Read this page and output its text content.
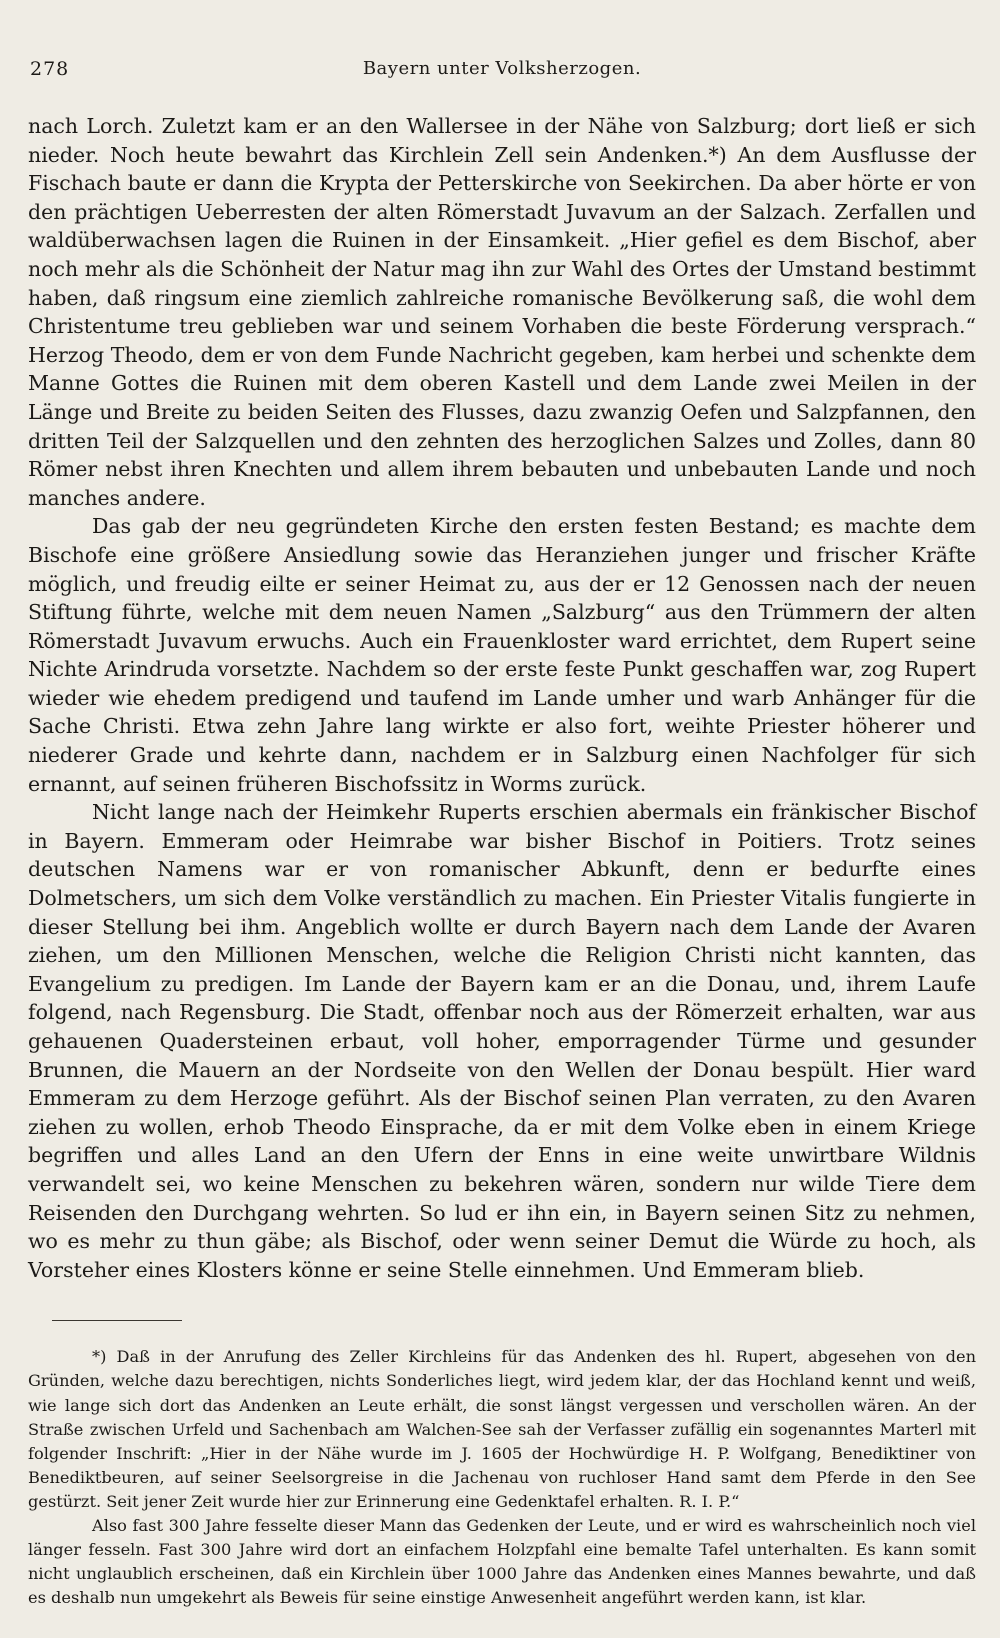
278	Bayern unter Volksherzogen.

nach Lorch. Zuletzt kam er an den Wallersee in der Nähe von Salzburg; dort ließ er sich nieder. Noch heute bewahrt das Kirchlein Zell sein Andenken.*) An dem Ausflusse der Fischach baute er dann die Krypta der Petterskirche von Seekirchen. Da aber hörte er von den prächtigen Ueberresten der alten Römerstadt Juvavum an der Salzach. Zerfallen und waldüberwachsen lagen die Ruinen in der Einsamkeit. „Hier gefiel es dem Bischof, aber noch mehr als die Schönheit der Natur mag ihn zur Wahl des Ortes der Umstand bestimmt haben, daß ringsum eine ziemlich zahlreiche romanische Bevölkerung saß, die wohl dem Christentume treu geblieben war und seinem Vorhaben die beste Förderung versprach.“ Herzog Theodo, dem er von dem Funde Nachricht gegeben, kam herbei und schenkte dem Manne Gottes die Ruinen mit dem oberen Kastell und dem Lande zwei Meilen in der Länge und Breite zu beiden Seiten des Flusses, dazu zwanzig Oefen und Salzpfannen, den dritten Teil der Salzquellen und den zehnten des herzoglichen Salzes und Zolles, dann 80 Römer nebst ihren Knechten und allem ihrem bebauten und unbebauten Lande und noch manches andere.

Das gab der neu gegründeten Kirche den ersten festen Bestand; es machte dem Bischofe eine größere Ansiedlung sowie das Heranziehen junger und frischer Kräfte möglich, und freudig eilte er seiner Heimat zu, aus der er 12 Genossen nach der neuen Stiftung führte, welche mit dem neuen Namen „Salzburg“ aus den Trümmern der alten Römerstadt Juvavum erwuchs. Auch ein Frauenkloster ward errichtet, dem Rupert seine Nichte Arindruda vorsetzte. Nachdem so der erste feste Punkt geschaffen war, zog Rupert wieder wie ehedem predigend und taufend im Lande umher und warb Anhänger für die Sache Christi. Etwa zehn Jahre lang wirkte er also fort, weihte Priester höherer und niederer Grade und kehrte dann, nachdem er in Salzburg einen Nachfolger für sich ernannt, auf seinen früheren Bischofssitz in Worms zurück.

Nicht lange nach der Heimkehr Ruperts erschien abermals ein fränkischer Bischof in Bayern. Emmeram oder Heimrabe war bisher Bischof in Poitiers. Trotz seines deutschen Namens war er von romanischer Abkunft, denn er bedurfte eines Dolmetschers, um sich dem Volke verständlich zu machen. Ein Priester Vitalis fungierte in dieser Stellung bei ihm. Angeblich wollte er durch Bayern nach dem Lande der Avaren ziehen, um den Millionen Menschen, welche die Religion Christi nicht kannten, das Evangelium zu predigen. Im Lande der Bayern kam er an die Donau, und, ihrem Laufe folgend, nach Regensburg. Die Stadt, offenbar noch aus der Römerzeit erhalten, war aus gehauenen Quadersteinen erbaut, voll hoher, emporragender Türme und gesunder Brunnen, die Mauern an der Nordseite von den Wellen der Donau bespült. Hier ward Emmeram zu dem Herzoge geführt. Als der Bischof seinen Plan verraten, zu den Avaren ziehen zu wollen, erhob Theodo Einsprache, da er mit dem Volke eben in einem Kriege begriffen und alles Land an den Ufern der Enns in eine weite unwirtbare Wildnis verwandelt sei, wo keine Menschen zu bekehren wären, sondern nur wilde Tiere dem Reisenden den Durchgang wehrten. So lud er ihn ein, in Bayern seinen Sitz zu nehmen, wo es mehr zu thun gäbe; als Bischof, oder wenn seiner Demut die Würde zu hoch, als Vorsteher eines Klosters könne er seine Stelle einnehmen. Und Emmeram blieb.

*) Daß in der Anrufung des Zeller Kirchleins für das Andenken des hl. Rupert, abgesehen von den Gründen, welche dazu berechtigen, nichts Sonderliches liegt, wird jedem klar, der das Hochland kennt und weiß, wie lange sich dort das Andenken an Leute erhält, die sonst längst vergessen und verschollen wären. An der Straße zwischen Urfeld und Sachenbach am Walchen-See sah der Verfasser zufällig ein sogenanntes Marterl mit folgender Inschrift: „Hier in der Nähe wurde im J. 1605 der Hochwürdige H. P. Wolfgang, Benediktiner von Benediktbeuren, auf seiner Seelsorgreise in die Jachenau von ruchloser Hand samt dem Pferde in den See gestürzt. Seit jener Zeit wurde hier zur Erinnerung eine Gedenktafel erhalten. R. I. P.“

Also fast 300 Jahre fesselte dieser Mann das Gedenken der Leute, und er wird es wahrscheinlich noch viel länger fesseln. Fast 300 Jahre wird dort an einfachem Holzpfahl eine bemalte Tafel unterhalten. Es kann somit nicht unglaublich erscheinen, daß ein Kirchlein über 1000 Jahre das Andenken eines Mannes bewahrte, und daß es deshalb nun umgekehrt als Beweis für seine einstige Anwesenheit angeführt werden kann, ist klar.
